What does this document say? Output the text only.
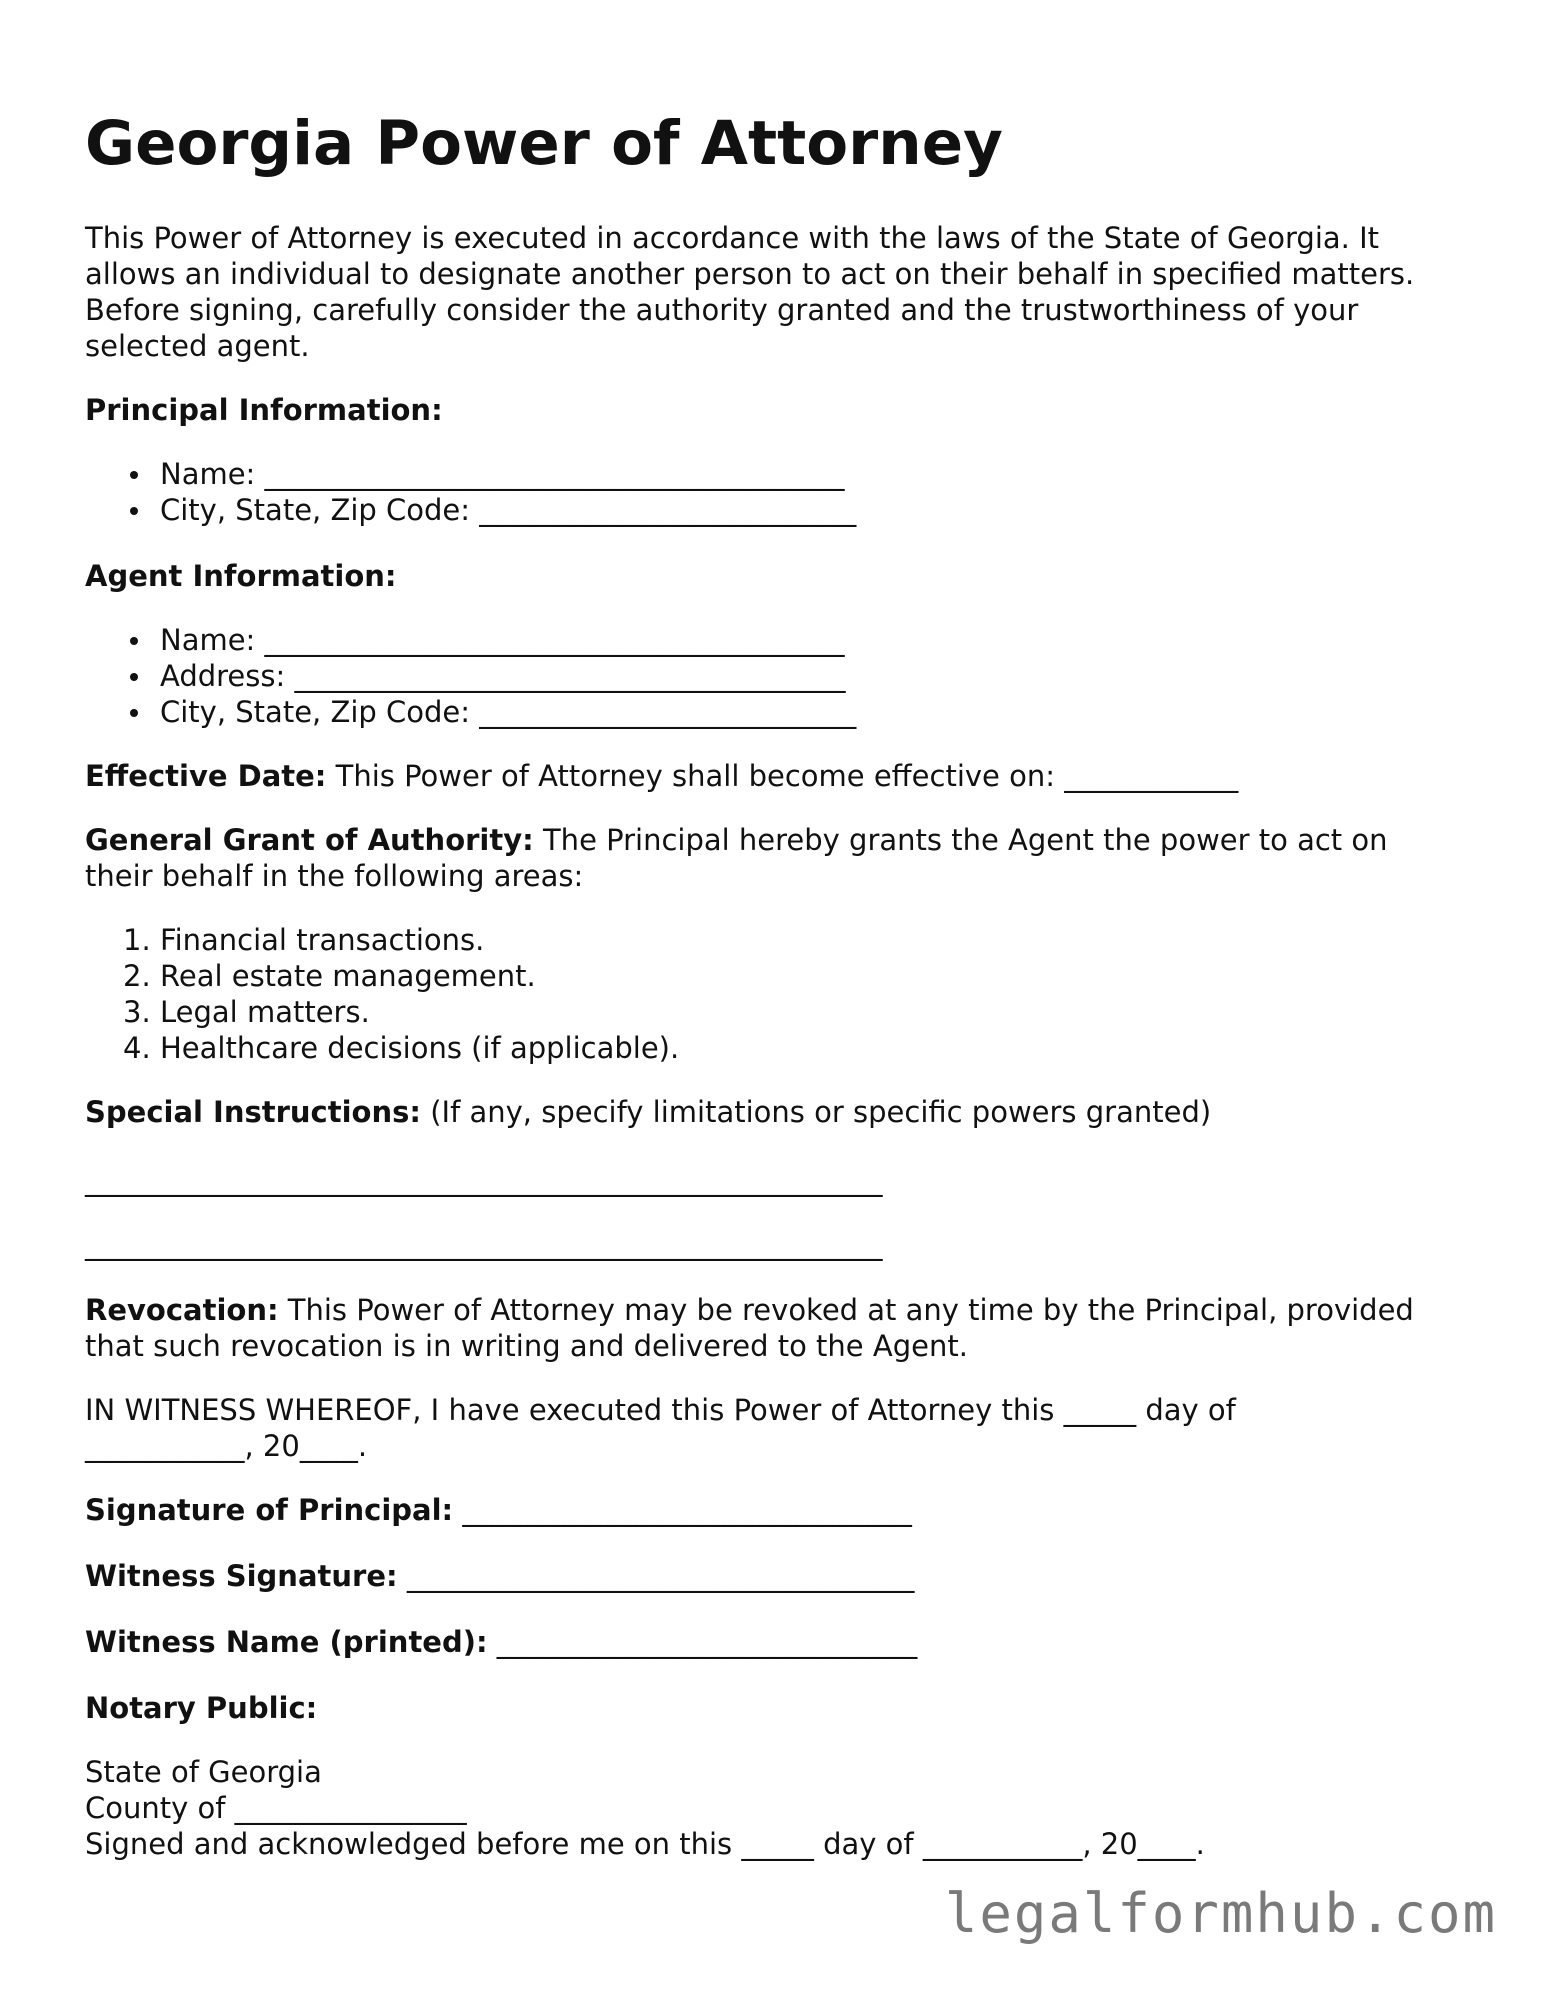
Georgia Power of Attorney

This Power of Attorney is executed in accordance with the laws of the State of Georgia. It allows an individual to designate another person to act on their behalf in specified matters. Before signing, carefully consider the authority granted and the trustworthiness of your selected agent.

Principal Information:
Name: ________________________________________
City, State, Zip Code: __________________________
Agent Information:
Name: ________________________________________
Address: ______________________________________
City, State, Zip Code: __________________________

Effective Date: This Power of Attorney shall become effective on: ____________

General Grant of Authority: The Principal hereby grants the Agent the power to act on their behalf in the following areas:

1. Financial transactions.
2. Real estate management.
3. Legal matters.
4. Healthcare decisions (if applicable).

Special Instructions: (If any, specify limitations or specific powers granted)

_______________________________________________________
_______________________________________________________

Revocation: This Power of Attorney may be revoked at any time by the Principal, provided that such revocation is in writing and delivered to the Agent.

IN WITNESS WHEREOF, I have executed this Power of Attorney this _____ day of
___________, 20____.

Signature of Principal: _______________________________

Witness Signature: ___________________________________

Witness Name (printed): _____________________________

Notary Public:
State of Georgia
County of ________________
Signed and acknowledged before me on this _____ day of ___________, 20____.
legalformhub.com
